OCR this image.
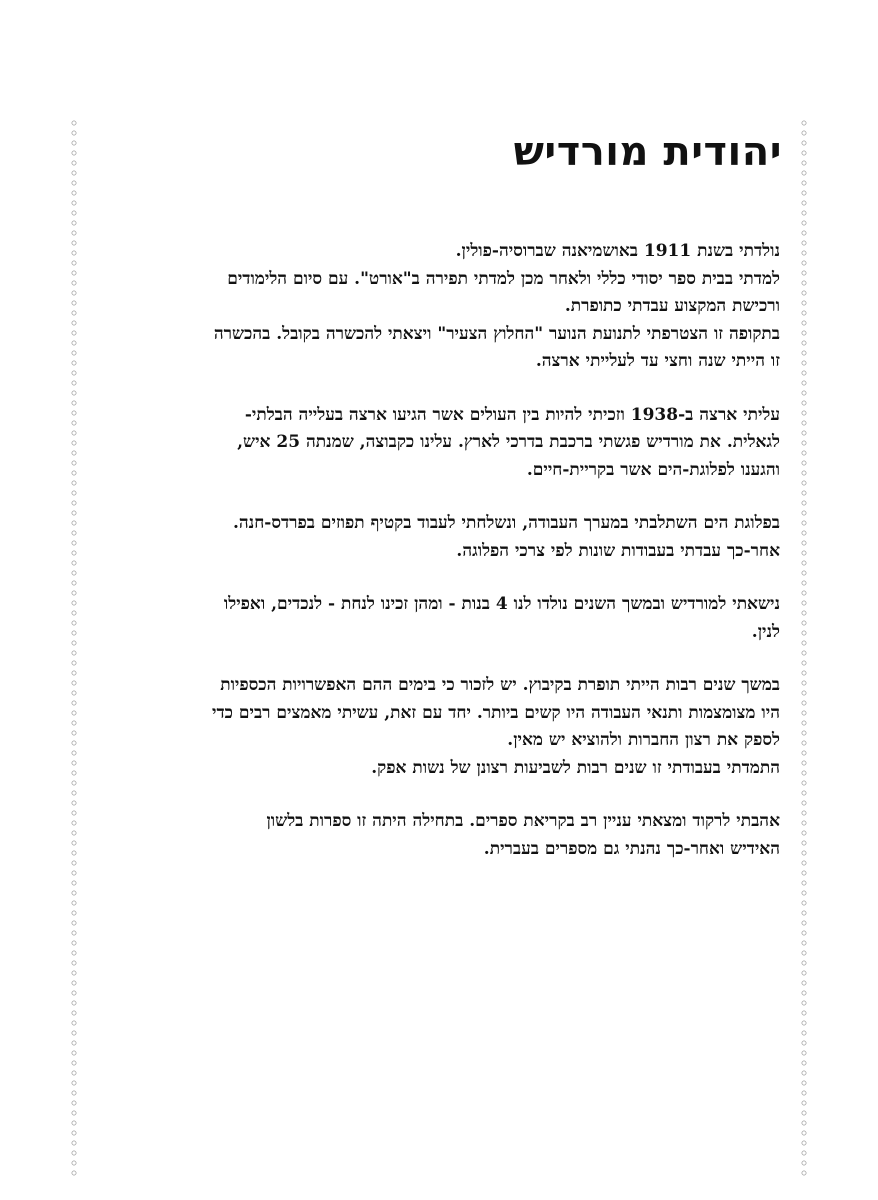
יהודית מורדיש

נולדתי בשנת 1911 באושמיאנה שברוסיה-פולין.
למדתי בבית ספר יסודי כללי ולאחר מכן למדתי תפירה ב"אורט". עם סיום הלימודים
ורכישת המקצוע עבדתי כתופרת.
בתקופה זו הצטרפתי לתנועת הנוער "החלוץ הצעיר" ויצאתי להכשרה בקובל. בהכשרה
זו הייתי שנה וחצי עד לעלייתי ארצה.

עליתי ארצה ב-1938 וזכיתי להיות בין העולים אשר הגיעו ארצה בעלייה הבלתי-
לגאלית. את מורדיש פגשתי ברכבת בדרכי לארץ. עלינו כקבוצה, שמנתה 25 איש,
והגענו לפלוגת-הים אשר בקריית-חיים.

בפלוגת הים השתלבתי במערך העבודה, ונשלחתי לעבוד בקטיף תפוזים בפרדס-חנה.
אחר-כך עבדתי בעבודות שונות לפי צרכי הפלוגה.

נישאתי למורדיש ובמשך השנים נולדו לנו 4 בנות - ומהן זכינו לנחת - לנכדים, ואפילו
לנין.

במשך שנים רבות הייתי תופרת בקיבוץ. יש לזכור כי בימים ההם האפשרויות הכספיות
היו מצומצמות ותנאי העבודה היו קשים ביותר. יחד עם זאת, עשיתי מאמצים רבים כדי
לספק את רצון החברות ולהוציא יש מאין.
התמדתי בעבודתי זו שנים רבות לשביעות רצונן של נשות אפק.

אהבתי לרקוד ומצאתי עניין רב בקריאת ספרים. בתחילה היתה זו ספרות בלשון
האידיש ואחר-כך נהנתי גם מספרים בעברית.
